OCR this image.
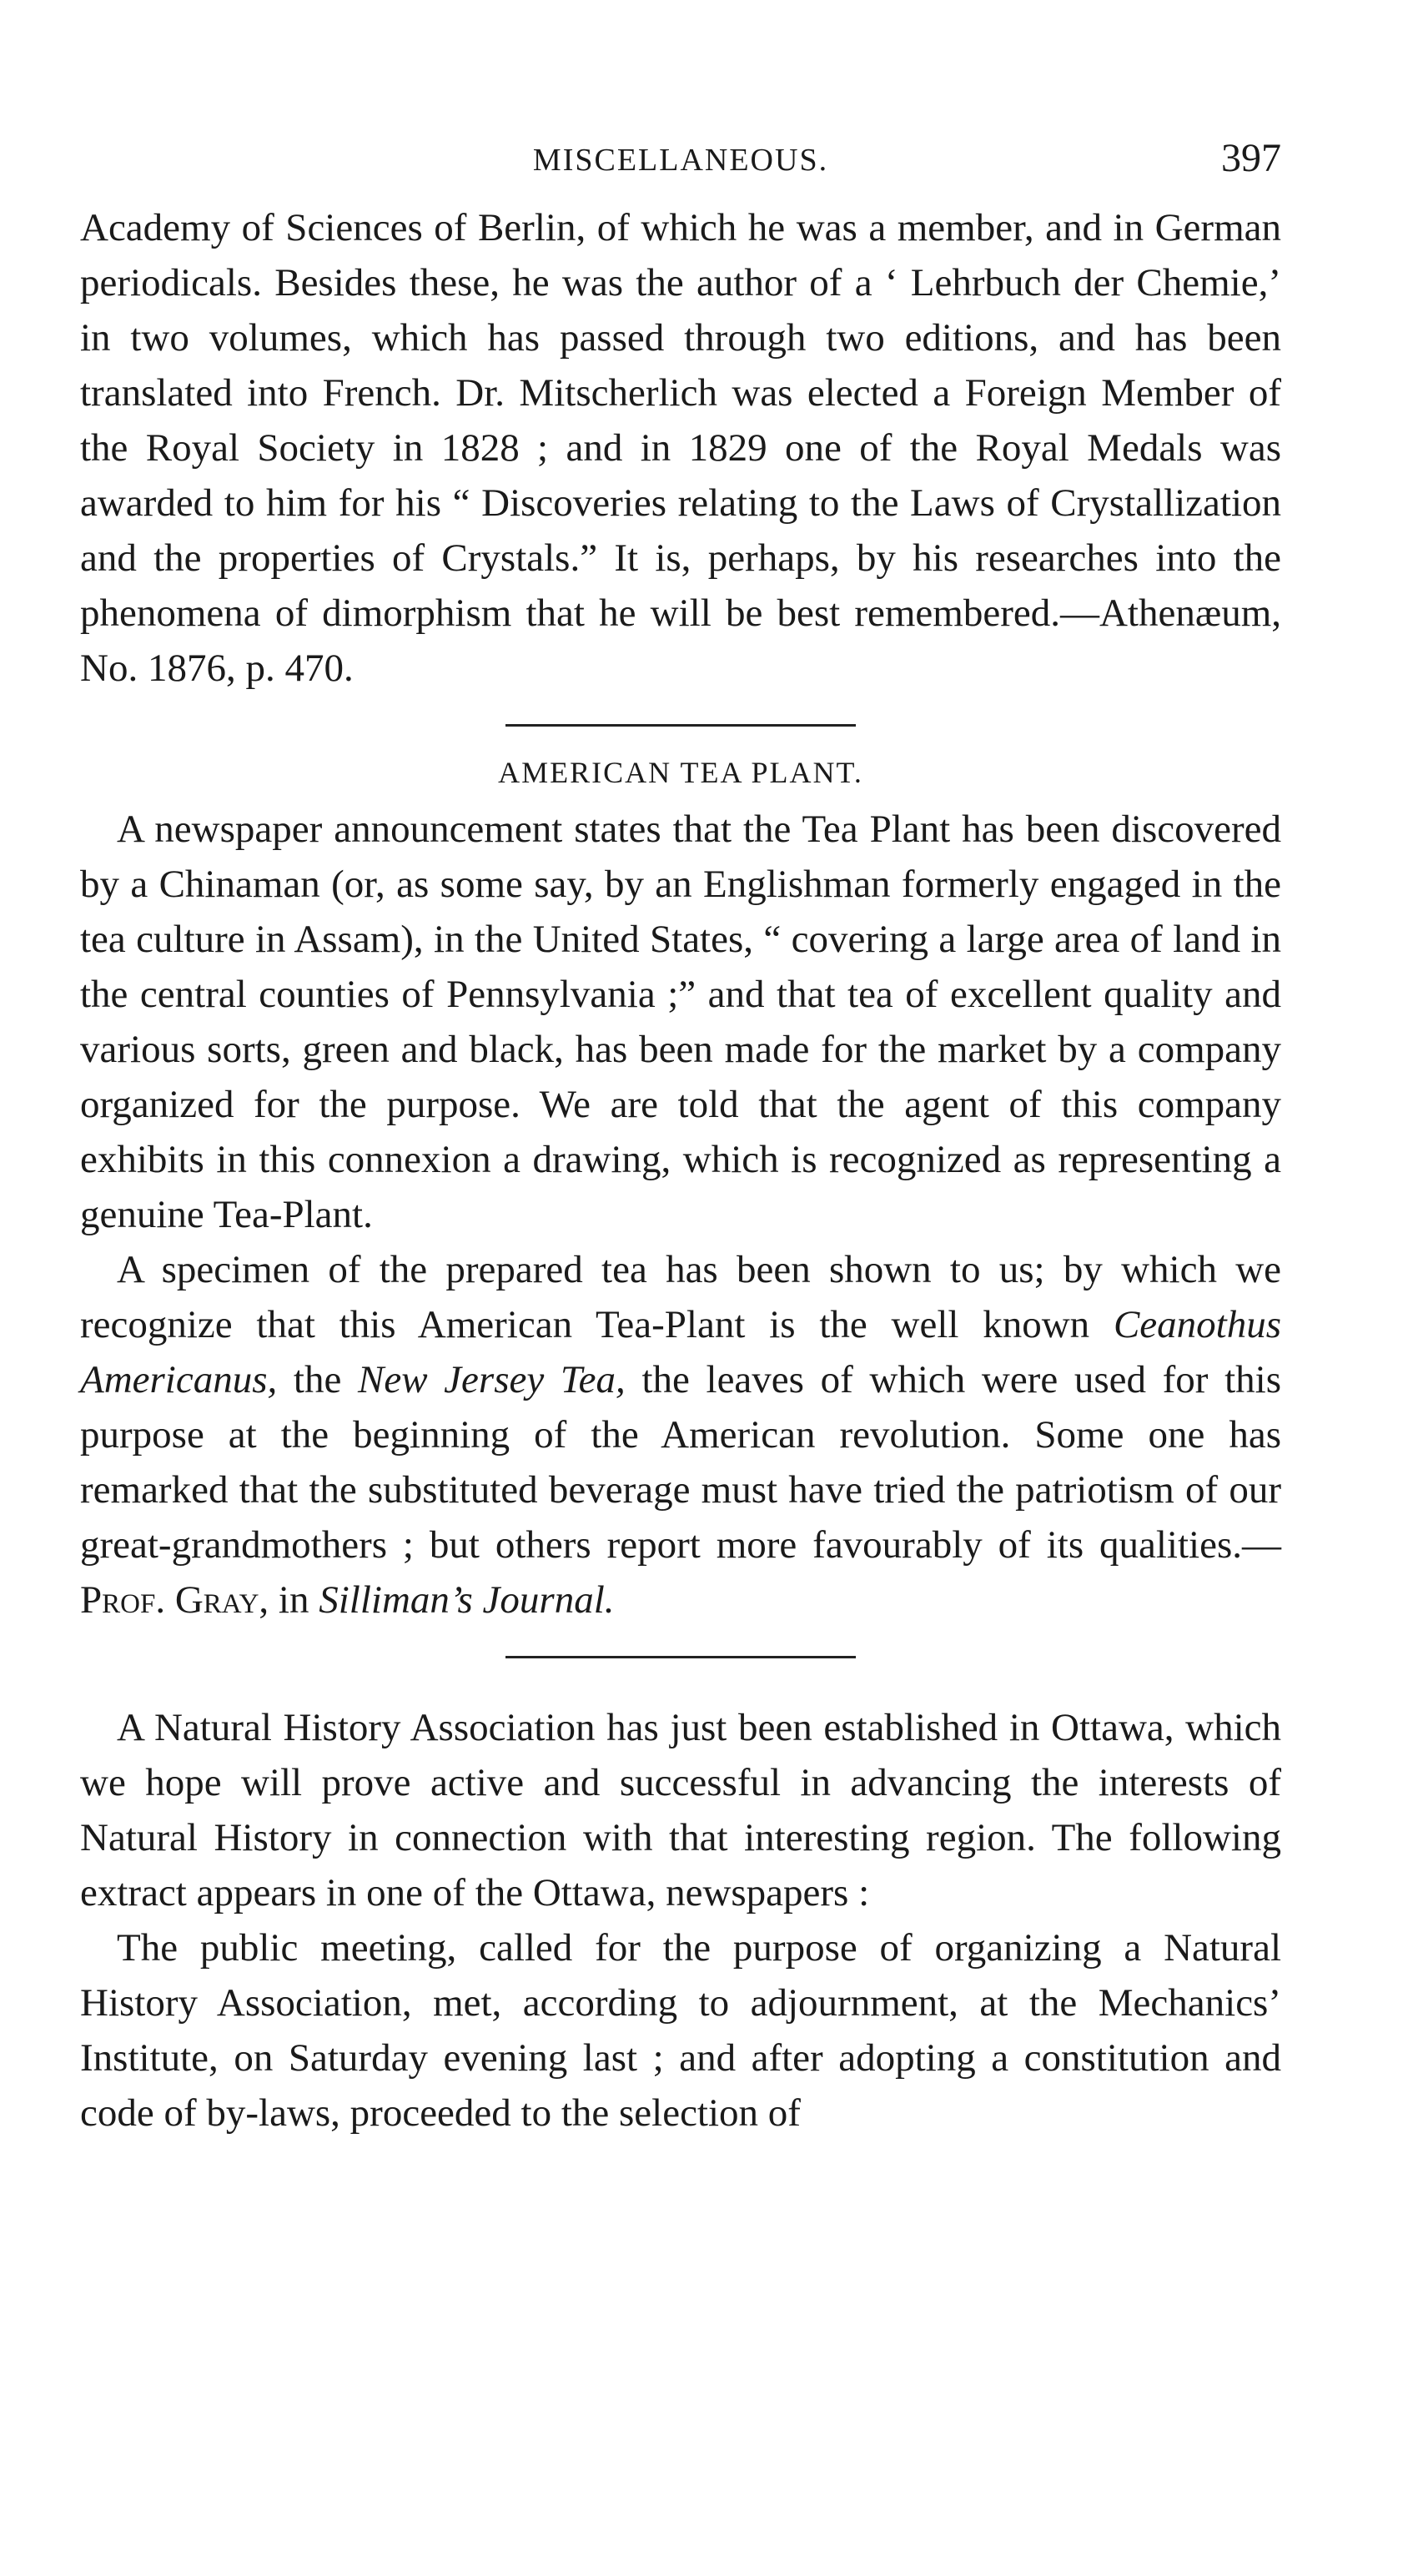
MISCELLANEOUS.	397

Academy of Sciences of Berlin, of which he was a member, and in German periodicals. Besides these, he was the author of a ‘ Lehrbuch der Chemie,’ in two volumes, which has passed through two editions, and has been translated into French. Dr. Mitscherlich was elected a Foreign Member of the Royal Society in 1828 ; and in 1829 one of the Royal Medals was awarded to him for his “ Discoveries relating to the Laws of Crystallization and the properties of Crystals.” It is, perhaps, by his researches into the phenomena of dimorphism that he will be best remembered.—Athenæum, No. 1876, p. 470.

AMERICAN TEA PLANT.

A newspaper announcement states that the Tea Plant has been discovered by a Chinaman (or, as some say, by an Englishman formerly engaged in the tea culture in Assam), in the United States, “ covering a large area of land in the central counties of Pennsylvania ;” and that tea of excellent quality and various sorts, green and black, has been made for the market by a company organized for the purpose. We are told that the agent of this company exhibits in this connexion a drawing, which is recognized as representing a genuine Tea-Plant.

A specimen of the prepared tea has been shown to us; by which we recognize that this American Tea-Plant is the well known Ceanothus Americanus, the New Jersey Tea, the leaves of which were used for this purpose at the beginning of the American revolution. Some one has remarked that the substituted beverage must have tried the patriotism of our great-grandmothers ; but others report more favourably of its qualities.—Prof. Gray, in Silliman’s Journal.

A Natural History Association has just been established in Ottawa, which we hope will prove active and successful in advancing the interests of Natural History in connection with that interesting region. The following extract appears in one of the Ottawa, newspapers :

The public meeting, called for the purpose of organizing a Natural History Association, met, according to adjournment, at the Mechanics’ Institute, on Saturday evening last ; and after adopting a constitution and code of by-laws, proceeded to the selection of
